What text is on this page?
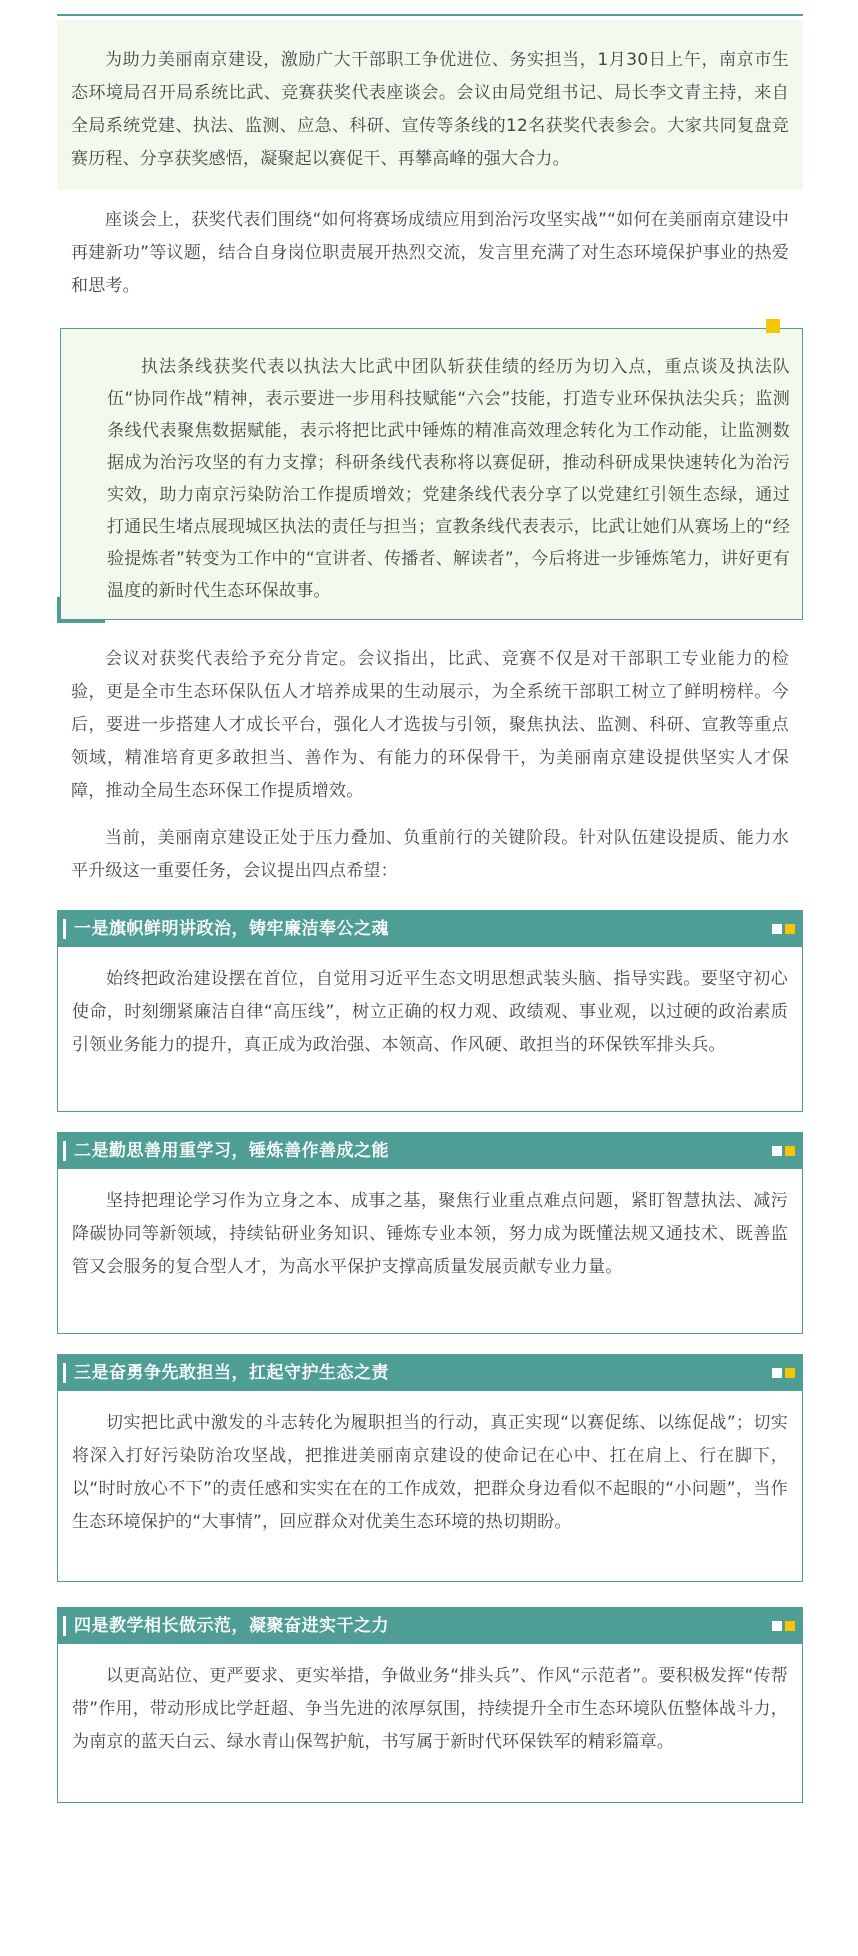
为助力美丽南京建设，激励广大干部职工争优进位、务实担当，1月30日上午，南京市生态环境局召开局系统比武、竞赛获奖代表座谈会。会议由局党组书记、局长李文青主持，来自全局系统党建、执法、监测、应急、科研、宣传等条线的12名获奖代表参会。大家共同复盘竞赛历程、分享获奖感悟，凝聚起以赛促干、再攀高峰的强大合力。

座谈会上，获奖代表们围绕“如何将赛场成绩应用到治污攻坚实战”“如何在美丽南京建设中再建新功”等议题，结合自身岗位职责展开热烈交流，发言里充满了对生态环境保护事业的热爱和思考。

执法条线获奖代表以执法大比武中团队斩获佳绩的经历为切入点，重点谈及执法队伍“协同作战”精神，表示要进一步用科技赋能“六会”技能，打造专业环保执法尖兵；监测条线代表聚焦数据赋能，表示将把比武中锤炼的精准高效理念转化为工作动能，让监测数据成为治污攻坚的有力支撑；科研条线代表称将以赛促研，推动科研成果快速转化为治污实效，助力南京污染防治工作提质增效；党建条线代表分享了以党建红引领生态绿，通过打通民生堵点展现城区执法的责任与担当；宣教条线代表表示，比武让她们从赛场上的“经验提炼者”转变为工作中的“宣讲者、传播者、解读者”，今后将进一步锤炼笔力，讲好更有温度的新时代生态环保故事。

会议对获奖代表给予充分肯定。会议指出，比武、竞赛不仅是对干部职工专业能力的检验，更是全市生态环保队伍人才培养成果的生动展示，为全系统干部职工树立了鲜明榜样。今后，要进一步搭建人才成长平台，强化人才选拔与引领，聚焦执法、监测、科研、宣教等重点领域，精准培育更多敢担当、善作为、有能力的环保骨干，为美丽南京建设提供坚实人才保障，推动全局生态环保工作提质增效。

当前，美丽南京建设正处于压力叠加、负重前行的关键阶段。针对队伍建设提质、能力水平升级这一重要任务，会议提出四点希望：

一是旗帜鲜明讲政治，铸牢廉洁奉公之魂

始终把政治建设摆在首位，自觉用习近平生态文明思想武装头脑、指导实践。要坚守初心使命，时刻绷紧廉洁自律“高压线”，树立正确的权力观、政绩观、事业观，以过硬的政治素质引领业务能力的提升，真正成为政治强、本领高、作风硬、敢担当的环保铁军排头兵。

二是勤思善用重学习，锤炼善作善成之能

坚持把理论学习作为立身之本、成事之基，聚焦行业重点难点问题，紧盯智慧执法、减污降碳协同等新领域，持续钻研业务知识、锤炼专业本领，努力成为既懂法规又通技术、既善监管又会服务的复合型人才，为高水平保护支撑高质量发展贡献专业力量。

三是奋勇争先敢担当，扛起守护生态之责

切实把比武中激发的斗志转化为履职担当的行动，真正实现“以赛促练、以练促战”；切实将深入打好污染防治攻坚战，把推进美丽南京建设的使命记在心中、扛在肩上、行在脚下，以“时时放心不下”的责任感和实实在在的工作成效，把群众身边看似不起眼的“小问题”，当作生态环境保护的“大事情”，回应群众对优美生态环境的热切期盼。

四是教学相长做示范，凝聚奋进实干之力

以更高站位、更严要求、更实举措，争做业务“排头兵”、作风“示范者”。要积极发挥“传帮带”作用，带动形成比学赶超、争当先进的浓厚氛围，持续提升全市生态环境队伍整体战斗力，为南京的蓝天白云、绿水青山保驾护航，书写属于新时代环保铁军的精彩篇章。
